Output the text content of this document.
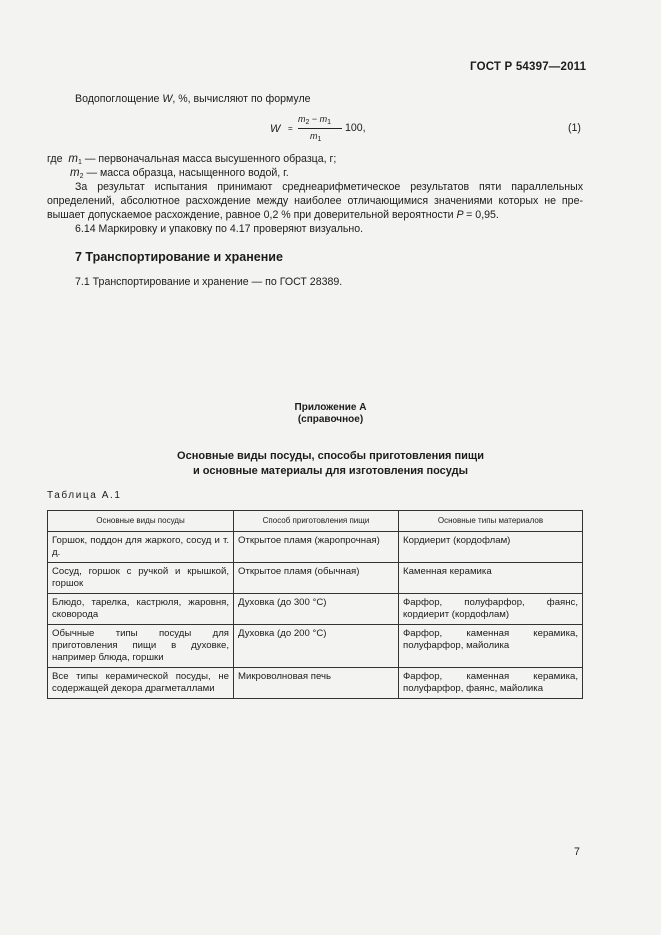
ГОСТ Р 54397—2011
Водопоглощение W, %, вычисляют по формуле
W =
$m_2 - m_1$
$m_1$
100,	(1)
где $m_1$ — первоначальная масса высушенного образца, г;
$m_2$ — масса образца, насыщенного водой, г.
За результат испытания принимают среднеарифметическое результатов пяти параллельных
определений, абсолютное расхождение между наиболее отличающимися значениями которых не пре-
вышает допускаемое расхождение, равное 0,2 % при доверительной вероятности P = 0,95.
6.14 Маркировку и упаковку по 4.17 проверяют визуально.
7 Транспортирование и хранение
7.1 Транспортирование и хранение — по ГОСТ 28389.
Приложение А
(справочное)
Основные виды посуды, способы приготовления пищи
и основные материалы для изготовления посуды
Таблица А.1
Основные виды посуды	Способ приготовления пищи	Основные типы материалов
Горшок, поддон для жаркого, сосуд и т. д.	Открытое пламя (жаропрочная)	Кордиерит (кордофлам)
Сосуд, горшок с ручкой и крышкой, горшок	Открытое пламя (обычная)	Каменная керамика
Блюдо, тарелка, кастрюля, жаровня, сковорода	Духовка (до 300 °С)	Фарфор, полуфарфор, фаянс, кордиерит (кордофлам)
Обычные типы посуды для приготовления пищи в духовке, например блюда, горшки	Духовка (до 200 °С)	Фарфор, каменная керамика, полуфарфор, майолика
Все типы керамической посуды, не содержащей декора драгметаллами	Микроволновая печь	Фарфор, каменная керамика, полуфарфор, фаянс, майолика
7
